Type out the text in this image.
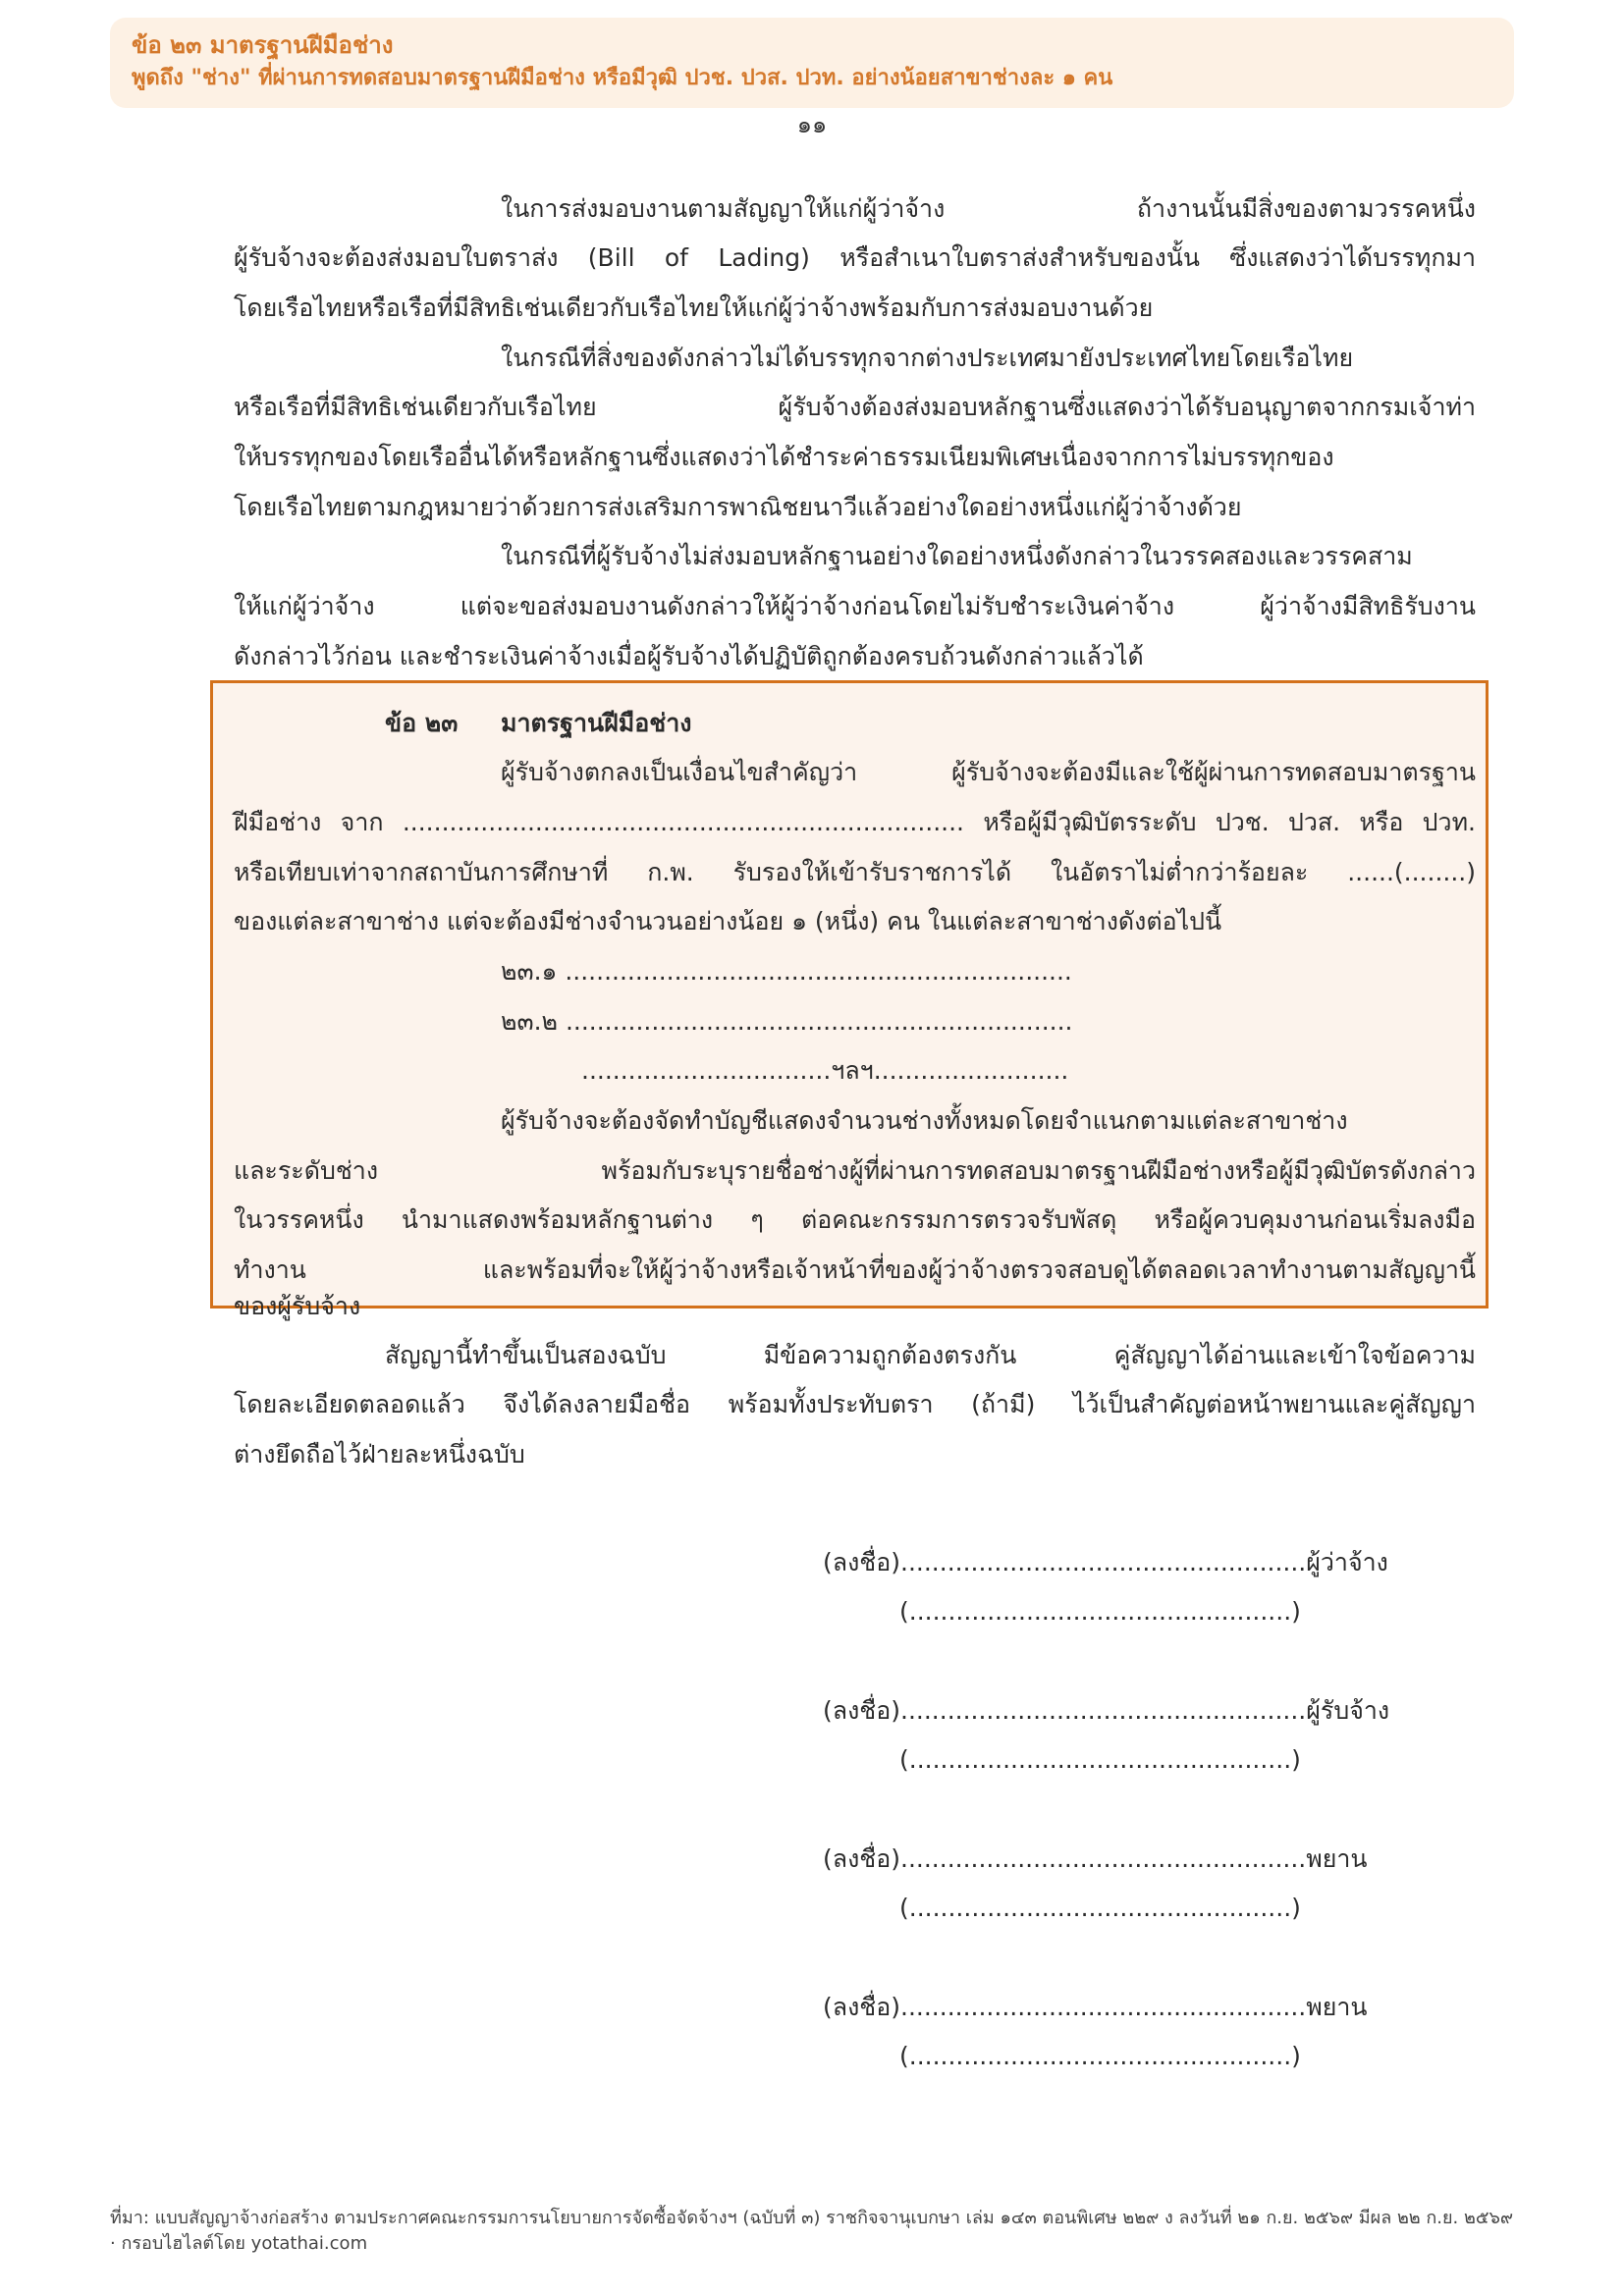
ข้อ ๒๓ มาตรฐานฝีมือช่าง

พูดถึง "ช่าง" ที่ผ่านการทดสอบมาตรฐานฝีมือช่าง หรือมีวุฒิ ปวช. ปวส. ปวท. อย่างน้อยสาขาช่างละ ๑ คน

๑๑
ในการส่งมอบงานตามสัญญาให้แก่ผู้ว่าจ้าง ถ้างานนั้นมีสิ่งของตามวรรคหนึ่ง
ผู้รับจ้างจะต้องส่งมอบใบตราส่ง (Bill of Lading) หรือสำเนาใบตราส่งสำหรับของนั้น ซึ่งแสดงว่าได้บรรทุกมา
โดยเรือไทยหรือเรือที่มีสิทธิเช่นเดียวกับเรือไทยให้แก่ผู้ว่าจ้างพร้อมกับการส่งมอบงานด้วย
ในกรณีที่สิ่งของดังกล่าวไม่ได้บรรทุกจากต่างประเทศมายังประเทศไทยโดยเรือไทย
หรือเรือที่มีสิทธิเช่นเดียวกับเรือไทย ผู้รับจ้างต้องส่งมอบหลักฐานซึ่งแสดงว่าได้รับอนุญาตจากกรมเจ้าท่า
ให้บรรทุกของโดยเรืออื่นได้หรือหลักฐานซึ่งแสดงว่าได้ชำระค่าธรรมเนียมพิเศษเนื่องจากการไม่บรรทุกของ
โดยเรือไทยตามกฎหมายว่าด้วยการส่งเสริมการพาณิชยนาวีแล้วอย่างใดอย่างหนึ่งแก่ผู้ว่าจ้างด้วย
ในกรณีที่ผู้รับจ้างไม่ส่งมอบหลักฐานอย่างใดอย่างหนึ่งดังกล่าวในวรรคสองและวรรคสาม
ให้แก่ผู้ว่าจ้าง แต่จะขอส่งมอบงานดังกล่าวให้ผู้ว่าจ้างก่อนโดยไม่รับชำระเงินค่าจ้าง ผู้ว่าจ้างมีสิทธิรับงาน
ดังกล่าวไว้ก่อน และชำระเงินค่าจ้างเมื่อผู้รับจ้างได้ปฏิบัติถูกต้องครบถ้วนดังกล่าวแล้วได้
ข้อ ๒๓ มาตรฐานฝีมือช่าง
ผู้รับจ้างตกลงเป็นเงื่อนไขสำคัญว่า ผู้รับจ้างจะต้องมีและใช้ผู้ผ่านการทดสอบมาตรฐาน
ฝีมือช่าง จาก ........................................................................ หรือผู้มีวุฒิบัตรระดับ ปวช. ปวส. หรือ ปวท.
หรือเทียบเท่าจากสถาบันการศึกษาที่ ก.พ. รับรองให้เข้ารับราชการได้ ในอัตราไม่ต่ำกว่าร้อยละ ......(........)
ของแต่ละสาขาช่าง แต่จะต้องมีช่างจำนวนอย่างน้อย ๑ (หนึ่ง) คน ในแต่ละสาขาช่างดังต่อไปนี้
๒๓.๑ .................................................................
๒๓.๒ .................................................................
................................ฯลฯ.........................
ผู้รับจ้างจะต้องจัดทำบัญชีแสดงจำนวนช่างทั้งหมดโดยจำแนกตามแต่ละสาขาช่าง
และระดับช่าง พร้อมกับระบุรายชื่อช่างผู้ที่ผ่านการทดสอบมาตรฐานฝีมือช่างหรือผู้มีวุฒิบัตรดังกล่าว
ในวรรคหนึ่ง นำมาแสดงพร้อมหลักฐานต่าง ๆ ต่อคณะกรรมการตรวจรับพัสดุ หรือผู้ควบคุมงานก่อนเริ่มลงมือ
ทำงาน และพร้อมที่จะให้ผู้ว่าจ้างหรือเจ้าหน้าที่ของผู้ว่าจ้างตรวจสอบดูได้ตลอดเวลาทำงานตามสัญญานี้
ของผู้รับจ้าง
สัญญานี้ทำขึ้นเป็นสองฉบับ มีข้อความถูกต้องตรงกัน คู่สัญญาได้อ่านและเข้าใจข้อความ
โดยละเอียดตลอดแล้ว จึงได้ลงลายมือชื่อ พร้อมทั้งประทับตรา (ถ้ามี) ไว้เป็นสำคัญต่อหน้าพยานและคู่สัญญา
ต่างยึดถือไว้ฝ่ายละหนึ่งฉบับ
(ลงชื่อ)....................................................ผู้ว่าจ้าง
(.................................................)
(ลงชื่อ)....................................................ผู้รับจ้าง
(.................................................)
(ลงชื่อ)....................................................พยาน
(.................................................)
(ลงชื่อ)....................................................พยาน
(.................................................)

ที่มา: แบบสัญญาจ้างก่อสร้าง ตามประกาศคณะกรรมการนโยบายการจัดซื้อจัดจ้างฯ (ฉบับที่ ๓) ราชกิจจานุเบกษา เล่ม ๑๔๓ ตอนพิเศษ ๒๒๙ ง ลงวันที่ ๒๑ ก.ย. ๒๕๖๙ มีผล ๒๒ ก.ย. ๒๕๖๙ · กรอบไฮไลต์โดย yotathai.com
